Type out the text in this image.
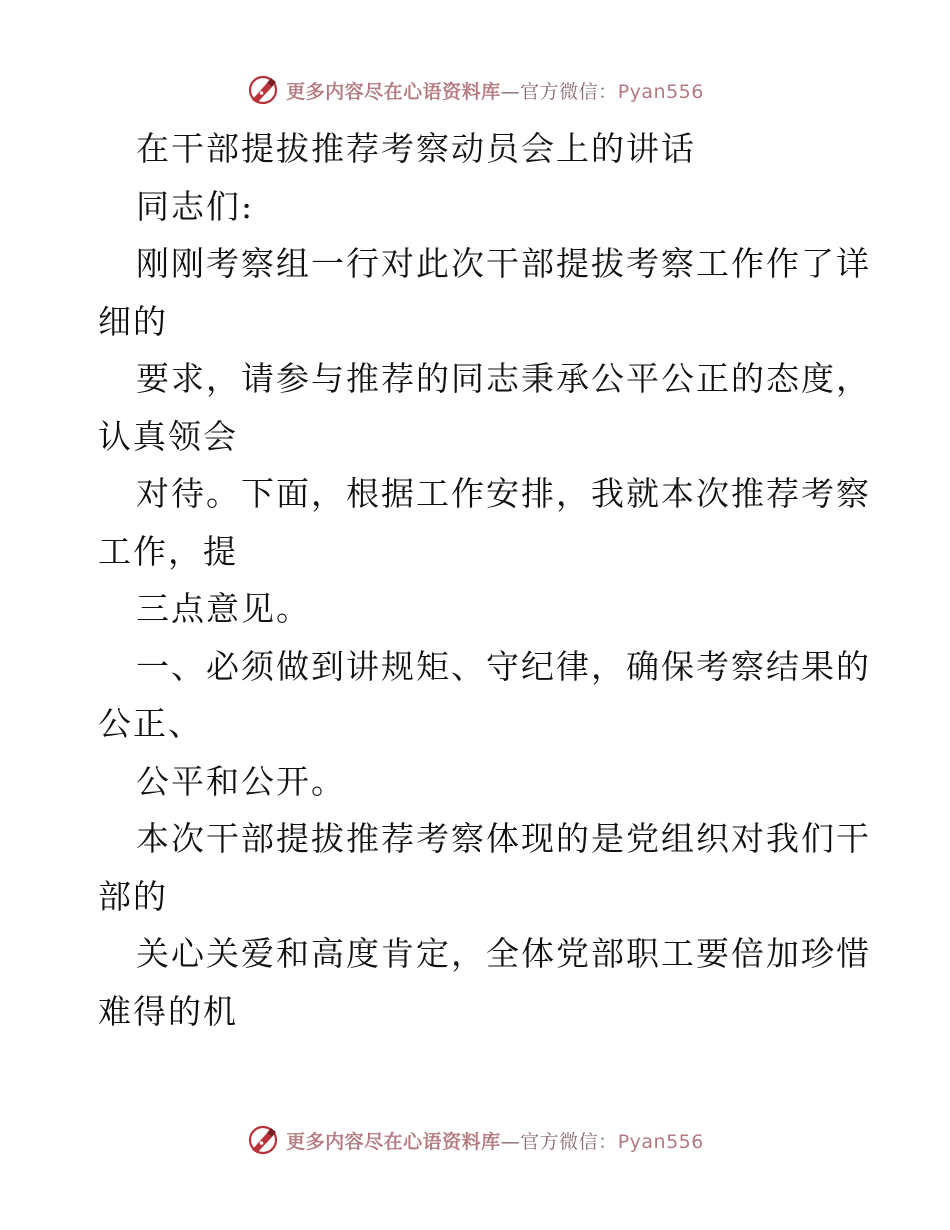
更多内容尽在心语资料库—官方微信：Pyan556
在干部提拔推荐考察动员会上的讲话
同志们:
刚刚考察组一行对此次干部提拔考察工作作了详
细的
要求，请参与推荐的同志秉承公平公正的态度，
认真领会
对待。下面，根据工作安排，我就本次推荐考察
工作，提
三点意见。
一、必须做到讲规矩、守纪律，确保考察结果的
公正、
公平和公开。
本次干部提拔推荐考察体现的是党组织对我们干
部的
关心关爱和高度肯定，全体党部职工要倍加珍惜
难得的机
更多内容尽在心语资料库—官方微信：Pyan556
